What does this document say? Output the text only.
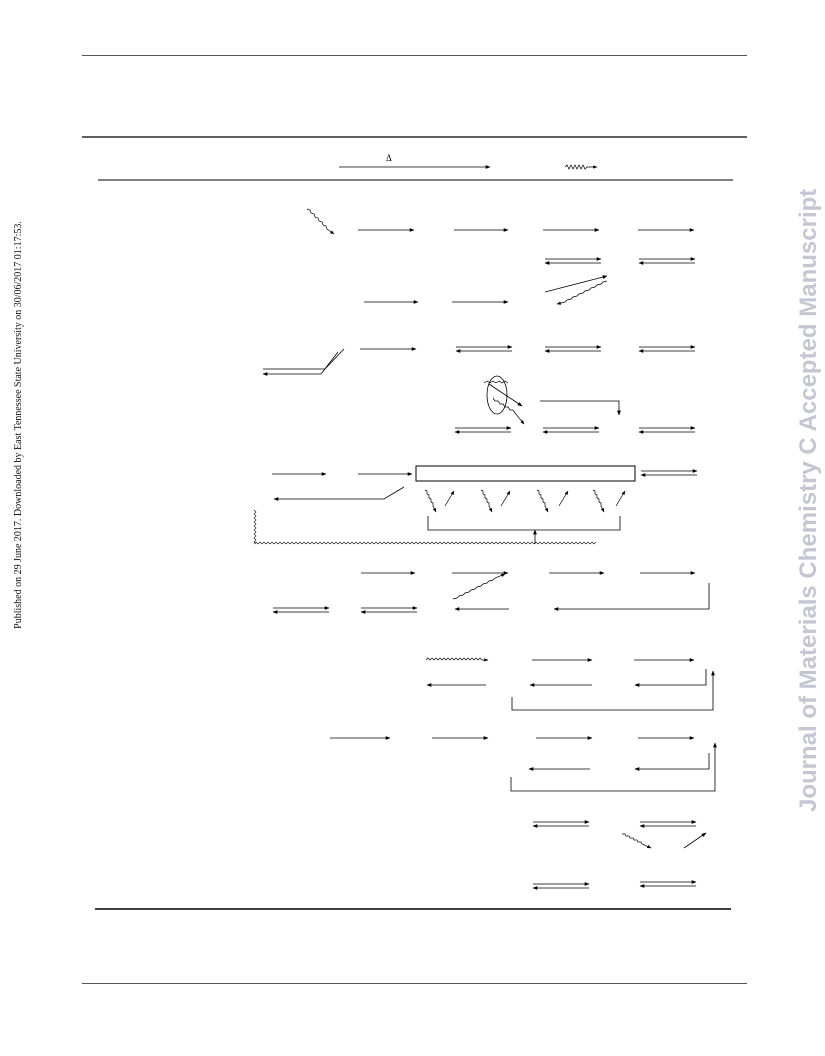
Published on 29 June 2017. Downloaded by East Tennessee State University on 30/06/2017 01:17:53.	Journal of Materials Chemistry C Accepted Manuscript
Δ
